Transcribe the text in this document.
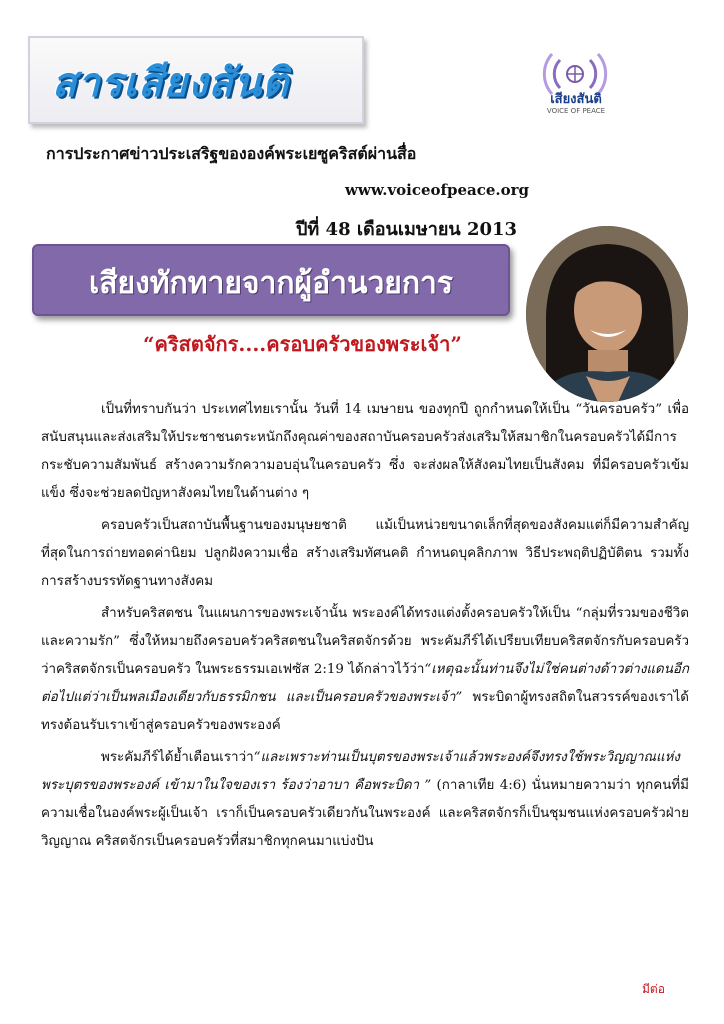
สารเสียงสันติ	เสียงสันติ
VOICE OF PEACE
การประกาศข่าวประเสริฐขององค์พระเยซูคริสต์ผ่านสื่อ
www.voiceofpeace.org
ปีที่ 48 เดือนเมษายน 2013
เสียงทักทายจากผู้อำนวยการ
“คริสตจักร....ครอบครัวของพระเจ้า”

เป็นที่ทราบกันว่า ประเทศไทยเรานั้น วันที่ 14 เมษายน ของทุกปี ถูกกำหนดให้เป็น “วันครอบครัว” เพื่อสนับสนุนและส่งเสริมให้ประชาชนตระหนักถึงคุณค่าของสถาบันครอบครัวส่งเสริมให้สมาชิกในครอบครัวได้มีการกระชับความสัมพันธ์ สร้างความรักความอบอุ่นในครอบครัว ซึ่ง จะส่งผลให้สังคมไทยเป็นสังคม ที่มีครอบครัวเข้มแข็ง ซึ่งจะช่วยลดปัญหาสังคมไทยในด้านต่าง ๆ

ครอบครัวเป็นสถาบันพื้นฐานของมนุษยชาติ แม้เป็นหน่วยขนาดเล็กที่สุดของสังคมแต่ก็มีความสำคัญที่สุดในการถ่ายทอดค่านิยม ปลูกฝังความเชื่อ สร้างเสริมทัศนคติ กำหนดบุคลิกภาพ วิธีประพฤติปฏิบัติตน รวมทั้งการสร้างบรรทัดฐานทางสังคม

สำหรับคริสตชน ในแผนการของพระเจ้านั้น พระองค์ได้ทรงแต่งตั้งครอบครัวให้เป็น “กลุ่มที่รวมของชีวิตและความรัก” ซึ่งให้หมายถึงครอบครัวคริสตชนในคริสตจักรด้วย พระคัมภีร์ได้เปรียบเทียบคริสตจักรกับครอบครัวว่าคริสตจักรเป็นครอบครัว ในพระธรรมเอเฟซัส 2:19 ได้กล่าวไว้ว่า“เหตุฉะนั้นท่านจึงไม่ใช่คนต่างด้าวต่างแดนอีกต่อไปแต่ว่าเป็นพลเมืองเดียวกับธรรมิกชน และเป็นครอบครัวของพระเจ้า” พระบิดาผู้ทรงสถิตในสวรรค์ของเราได้ทรงต้อนรับเราเข้าสู่ครอบครัวของพระองค์

พระคัมภีร์ได้ย้ำเตือนเราว่า“และเพราะท่านเป็นบุตรของพระเจ้าแล้วพระองค์จึงทรงใช้พระวิญญาณแห่งพระบุตรของพระองค์ เข้ามาในใจของเรา ร้องว่าอาบา คือพระบิดา ” (กาลาเทีย 4:6) นั่นหมายความว่า ทุกคนที่มีความเชื่อในองค์พระผู้เป็นเจ้า เราก็เป็นครอบครัวเดียวกันในพระองค์ และคริสตจักรก็เป็นชุมชนแห่งครอบครัวฝ่ายวิญญาณ คริสตจักรเป็นครอบครัวที่สมาชิกทุกคนมาแบ่งปัน

มีต่อ
